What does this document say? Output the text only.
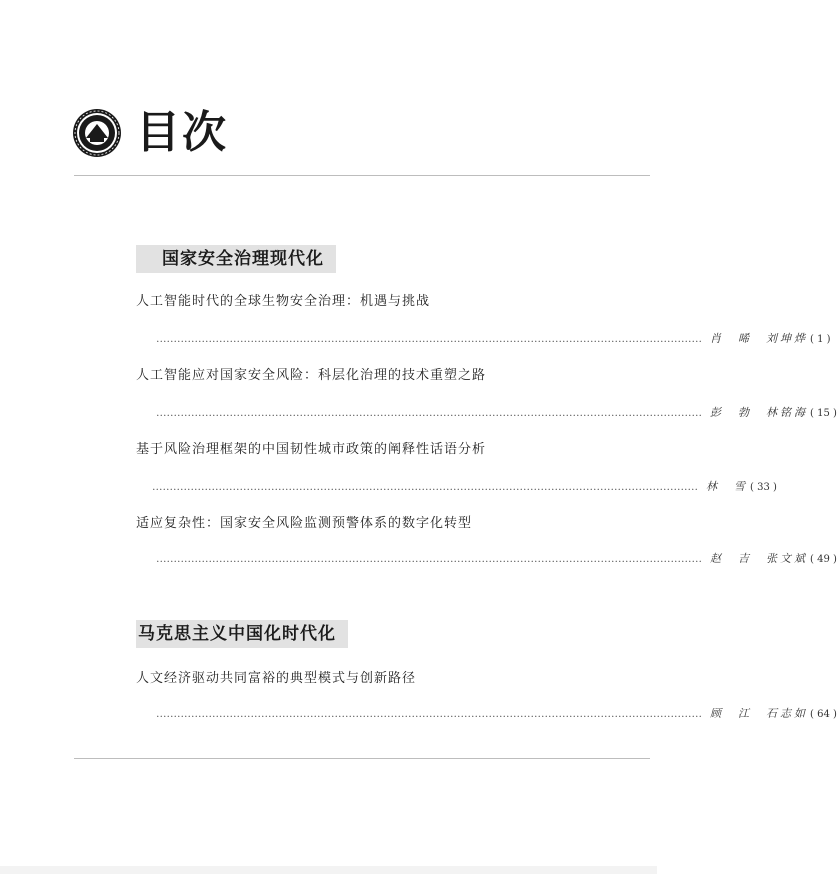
目次
国家安全治理现代化
人工智能时代的全球生物安全治理：机遇与挑战
………………………………………………………………………………………………………………………………………… 肖　晞　刘坤烨 ( 1 )
人工智能应对国家安全风险：科层化治理的技术重塑之路
………………………………………………………………………………………………………………………………………… 彭　勃　林铭海 ( 15 )
基于风险治理框架的中国韧性城市政策的阐释性话语分析
………………………………………………………………………………………………………………………………………… 林　雪 ( 33 )
适应复杂性：国家安全风险监测预警体系的数字化转型
………………………………………………………………………………………………………………………………………… 赵　吉　张文斌 ( 49 )
马克思主义中国化时代化
人文经济驱动共同富裕的典型模式与创新路径
………………………………………………………………………………………………………………………………………… 顾　江　石志如 ( 64 )
